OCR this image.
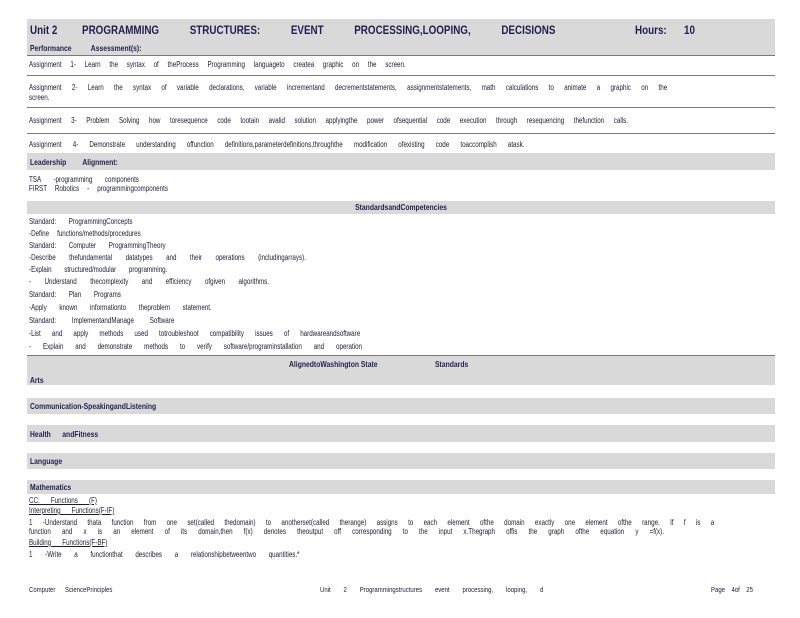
Unit 2	PROGRAMMING STRUCTURES: EVENT PROCESSING,LOOPING, DECISIONS	Hours:	10
Performance Assessment(s):
Assignment 1- Learn the syntax of theProcess Programming languageto createa graphic on the screen.
Assignment 2- Learn the syntax of variable declarations, variable incrementand decrementstatements, assignmentstatements, math calculations to animate a graphic on the
screen.
Assignment 3- Problem Solving how toresequence code tootain avalid solution applyingthe power ofsequential code execution through resequencing thefunction calls.
Assignment 4- Demonstrate understanding offunction definitions,parameterdefinitions,throughthe modification ofexisting code toaccomplish atask.
Leadership Alignment:
TSA -programming components
FIRST Robotics - programmingcomponents
StandardsandCompetencies
Standard: ProgrammingConcepts
-Define functions/methods/procedures
Standard: Computer ProgrammingTheory
-Describe thefundamental datatypes and their operations (includingarrays).
-Explain structured/modular programming.
- Understand thecomplexity and efficiency ofgiven algorithms.
Standard: Plan Programs
-Apply known informationto theproblem statement.
Standard: ImplementandManage Software
-List and apply methods used totroubleshoot compatibility issues of hardwareandsoftware
- Explain and demonstrate methods to verify software/programinstallation and operation
AlignedtoWashington State	Standards
Arts
Communication-SpeakingandListening
Health andFitness
Language
Mathematics
CC: Functions (F)
Interpreting Functions(F-IF)
1 -Understand thata function from one set(called thedomain) to anotherset(called therange) assigns to each element ofthe domain exactly one element ofthe range. If f is a
function and x is an element of its domain,then f(x) denotes theoutput off corresponding to the input x.Thegraph offis the graph ofthe equation y =f(x).
Building Functions(F-BF)
1 -Write a functionthat describes a relationshipbetweentwo quantities.*
Computer SciencePrinciples	Unit 2 Programmingstructures event processing, looping, d	Page 4of 25
